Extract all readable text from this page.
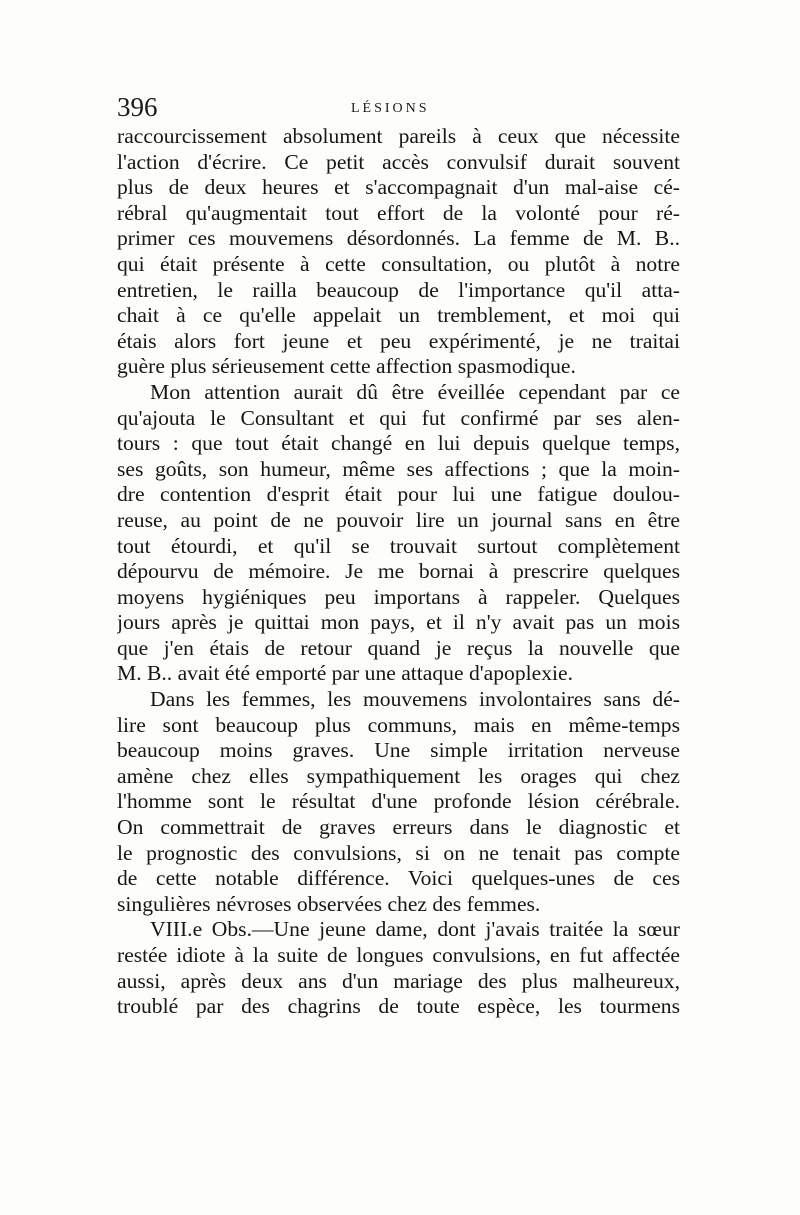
396	LÉSIONS
raccourcissement absolument pareils à ceux que nécessite
l'action d'écrire. Ce petit accès convulsif durait souvent
plus de deux heures et s'accompagnait d'un mal-aise cé-
rébral qu'augmentait tout effort de la volonté pour ré-
primer ces mouvemens désordonnés. La femme de M. B..
qui était présente à cette consultation, ou plutôt à notre
entretien, le railla beaucoup de l'importance qu'il atta-
chait à ce qu'elle appelait un tremblement, et moi qui
étais alors fort jeune et peu expérimenté, je ne traitai
guère plus sérieusement cette affection spasmodique.
Mon attention aurait dû être éveillée cependant par ce
qu'ajouta le Consultant et qui fut confirmé par ses alen-
tours : que tout était changé en lui depuis quelque temps,
ses goûts, son humeur, même ses affections ; que la moin-
dre contention d'esprit était pour lui une fatigue doulou-
reuse, au point de ne pouvoir lire un journal sans en être
tout étourdi, et qu'il se trouvait surtout complètement
dépourvu de mémoire. Je me bornai à prescrire quelques
moyens hygiéniques peu importans à rappeler. Quelques
jours après je quittai mon pays, et il n'y avait pas un mois
que j'en étais de retour quand je reçus la nouvelle que
M. B.. avait été emporté par une attaque d'apoplexie.
Dans les femmes, les mouvemens involontaires sans dé-
lire sont beaucoup plus communs, mais en même-temps
beaucoup moins graves. Une simple irritation nerveuse
amène chez elles sympathiquement les orages qui chez
l'homme sont le résultat d'une profonde lésion cérébrale.
On commettrait de graves erreurs dans le diagnostic et
le prognostic des convulsions, si on ne tenait pas compte
de cette notable différence. Voici quelques-unes de ces
singulières névroses observées chez des femmes.
VIII.e Obs.—Une jeune dame, dont j'avais traitée la sœur
restée idiote à la suite de longues convulsions, en fut affectée
aussi, après deux ans d'un mariage des plus malheureux,
troublé par des chagrins de toute espèce, les tourmens
